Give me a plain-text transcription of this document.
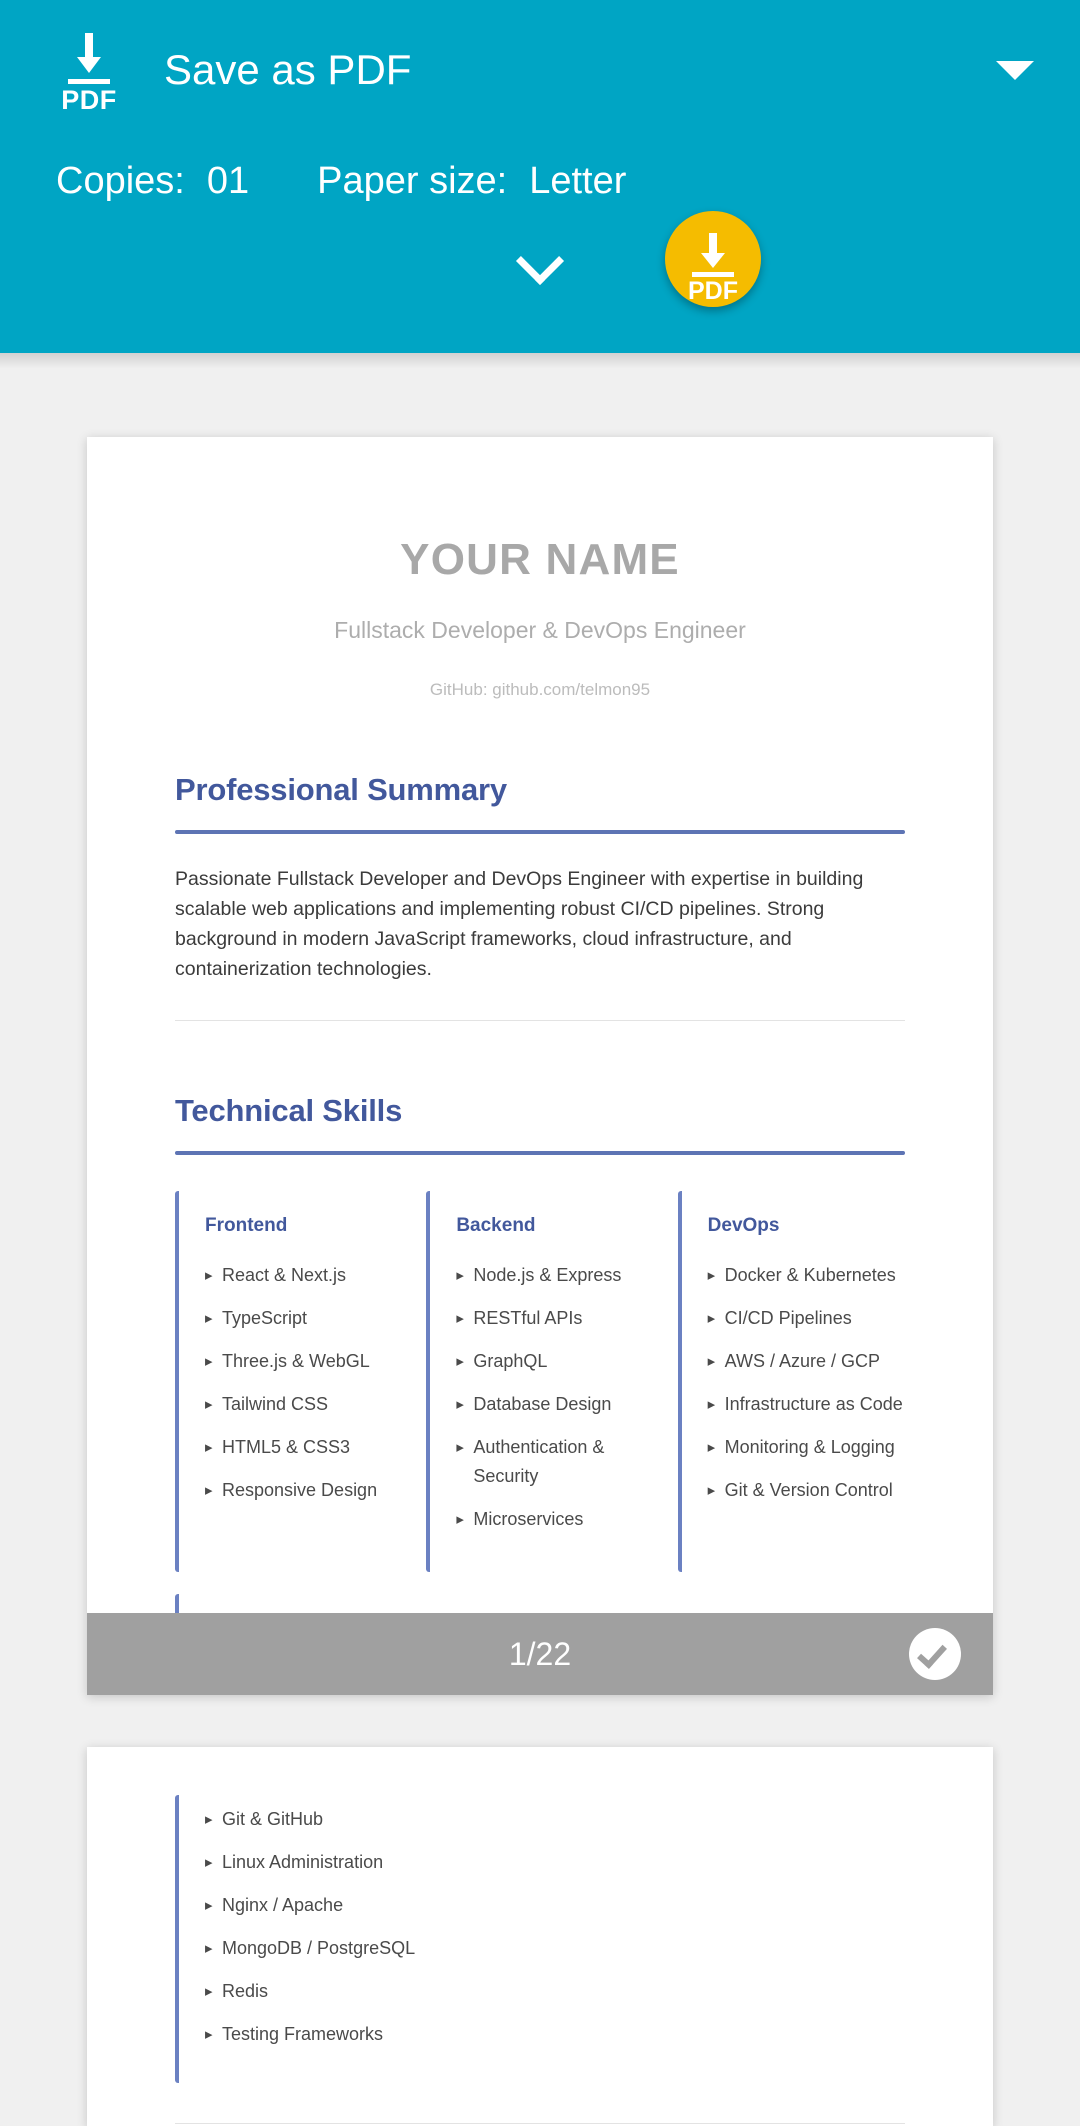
PDF
Save as PDF
Copies: 01 Paper size: Letter
PDF
YOUR NAME
Fullstack Developer & DevOps Engineer
GitHub: github.com/telmon95
Professional Summary
Passionate Fullstack Developer and DevOps Engineer with expertise in building scalable web applications and implementing robust CI/CD pipelines. Strong background in modern JavaScript frameworks, cloud infrastructure, and containerization technologies.
Technical Skills
Frontend
▸ React & Next.js
▸ TypeScript
▸ Three.js & WebGL
▸ Tailwind CSS
▸ HTML5 & CSS3
▸ Responsive Design
Backend
▸ Node.js & Express
▸ RESTful APIs
▸ GraphQL
▸ Database Design
▸ Authentication & Security
▸ Microservices
DevOps
▸ Docker & Kubernetes
▸ CI/CD Pipelines
▸ AWS / Azure / GCP
▸ Infrastructure as Code
▸ Monitoring & Logging
▸ Git & Version Control
1/22
▸ Git & GitHub
▸ Linux Administration
▸ Nginx / Apache
▸ MongoDB / PostgreSQL
▸ Redis
▸ Testing Frameworks
